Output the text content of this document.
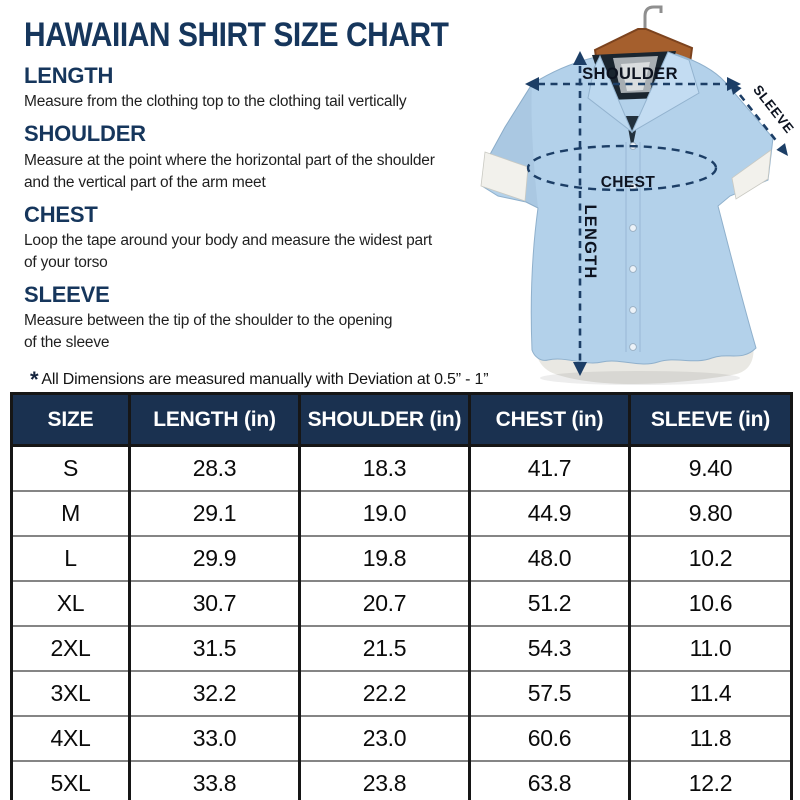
HAWAIIAN SHIRT SIZE CHART
LENGTH
Measure from the clothing top to the clothing tail vertically
SHOULDER
Measure at the point where the horizontal part of the shoulder
and the vertical part of the arm meet
CHEST
Loop the tape around your body and measure the widest part
of your torso
SLEEVE
Measure between the tip of the shoulder to the opening
of the sleeve

* All Dimensions are measured manually with Deviation at 0.5” - 1”

SHOULDER
CHEST
LENGTH
SLEEVE
SIZE	LENGTH (in)	SHOULDER (in)	CHEST (in)	SLEEVE (in)
S	28.3	18.3	41.7	9.40
M	29.1	19.0	44.9	9.80
L	29.9	19.8	48.0	10.2
XL	30.7	20.7	51.2	10.6
2XL	31.5	21.5	54.3	11.0
3XL	32.2	22.2	57.5	11.4
4XL	33.0	23.0	60.6	11.8
5XL	33.8	23.8	63.8	12.2
